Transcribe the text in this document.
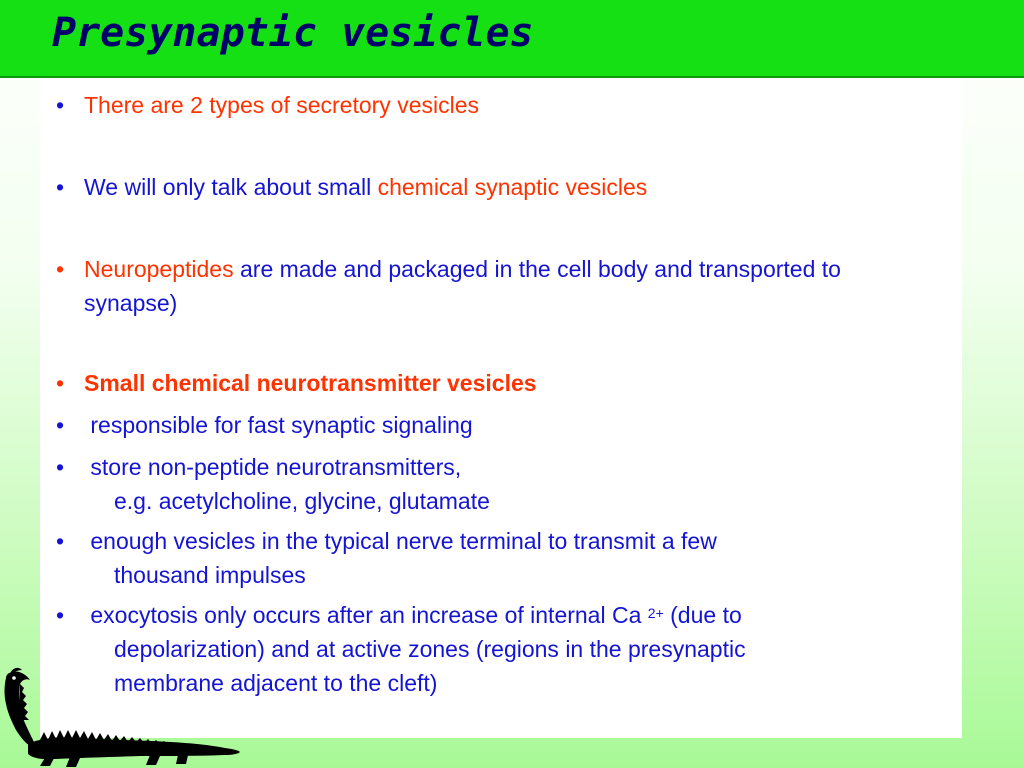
Presynaptic vesicles
• There are 2 types of secretory vesicles
• We will only talk about small chemical synaptic vesicles
• Neuropeptides are made and packaged in the cell body and transported to synapse)
• Small chemical neurotransmitter vesicles
• responsible for fast synaptic signaling
• store non-peptide neurotransmitters,
e.g. acetylcholine, glycine, glutamate
• enough vesicles in the typical nerve terminal to transmit a few
thousand impulses
• exocytosis only occurs after an increase of internal Ca $^{2+}$ (due to
depolarization) and at active zones (regions in the presynaptic
membrane adjacent to the cleft)
